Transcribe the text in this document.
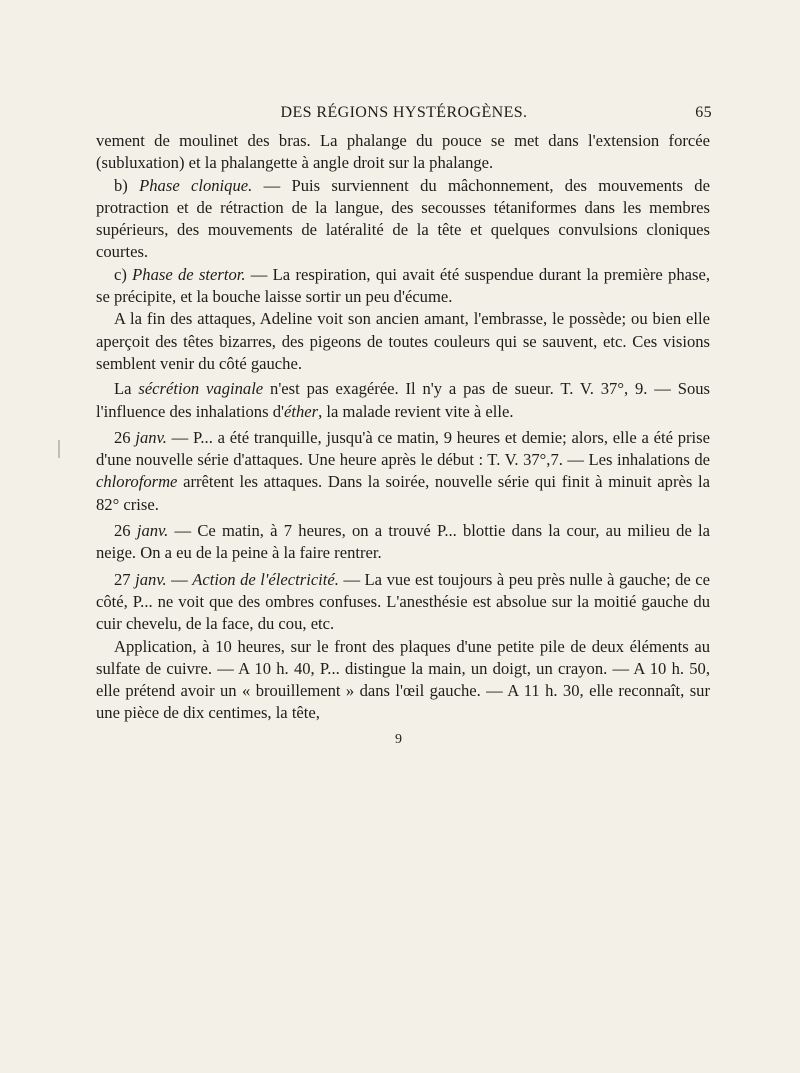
DES RÉGIONS HYSTÉROGÈNES.	65

vement de moulinet des bras. La phalange du pouce se met dans l'extension forcée (subluxation) et la phalangette à angle droit sur la phalange.

b) Phase clonique. — Puis surviennent du mâchonnement, des mouvements de protraction et de rétraction de la langue, des secousses tétaniformes dans les membres supérieurs, des mouvements de latéralité de la tête et quelques convulsions cloniques courtes.

c) Phase de stertor. — La respiration, qui avait été suspendue durant la première phase, se précipite, et la bouche laisse sortir un peu d'écume.

A la fin des attaques, Adeline voit son ancien amant, l'embrasse, le possède; ou bien elle aperçoit des têtes bizarres, des pigeons de toutes couleurs qui se sauvent, etc. Ces visions semblent venir du côté gauche.

La sécrétion vaginale n'est pas exagérée. Il n'y a pas de sueur. T. V. 37°, 9. — Sous l'influence des inhalations d'éther, la malade revient vite à elle.

26 janv. — P... a été tranquille, jusqu'à ce matin, 9 heures et demie; alors, elle a été prise d'une nouvelle série d'attaques. Une heure après le début : T. V. 37°,7. — Les inhalations de chloroforme arrêtent les attaques. Dans la soirée, nouvelle série qui finit à minuit après la 82° crise.

26 janv. — Ce matin, à 7 heures, on a trouvé P... blottie dans la cour, au milieu de la neige. On a eu de la peine à la faire rentrer.

27 janv. — Action de l'électricité. — La vue est toujours à peu près nulle à gauche; de ce côté, P... ne voit que des ombres confuses. L'anesthésie est absolue sur la moitié gauche du cuir chevelu, de la face, du cou, etc.

Application, à 10 heures, sur le front des plaques d'une petite pile de deux éléments au sulfate de cuivre. — A 10 h. 40, P... distingue la main, un doigt, un crayon. — A 10 h. 50, elle prétend avoir un « brouillement » dans l'œil gauche. — A 11 h. 30, elle reconnaît, sur une pièce de dix centimes, la tête,

9
